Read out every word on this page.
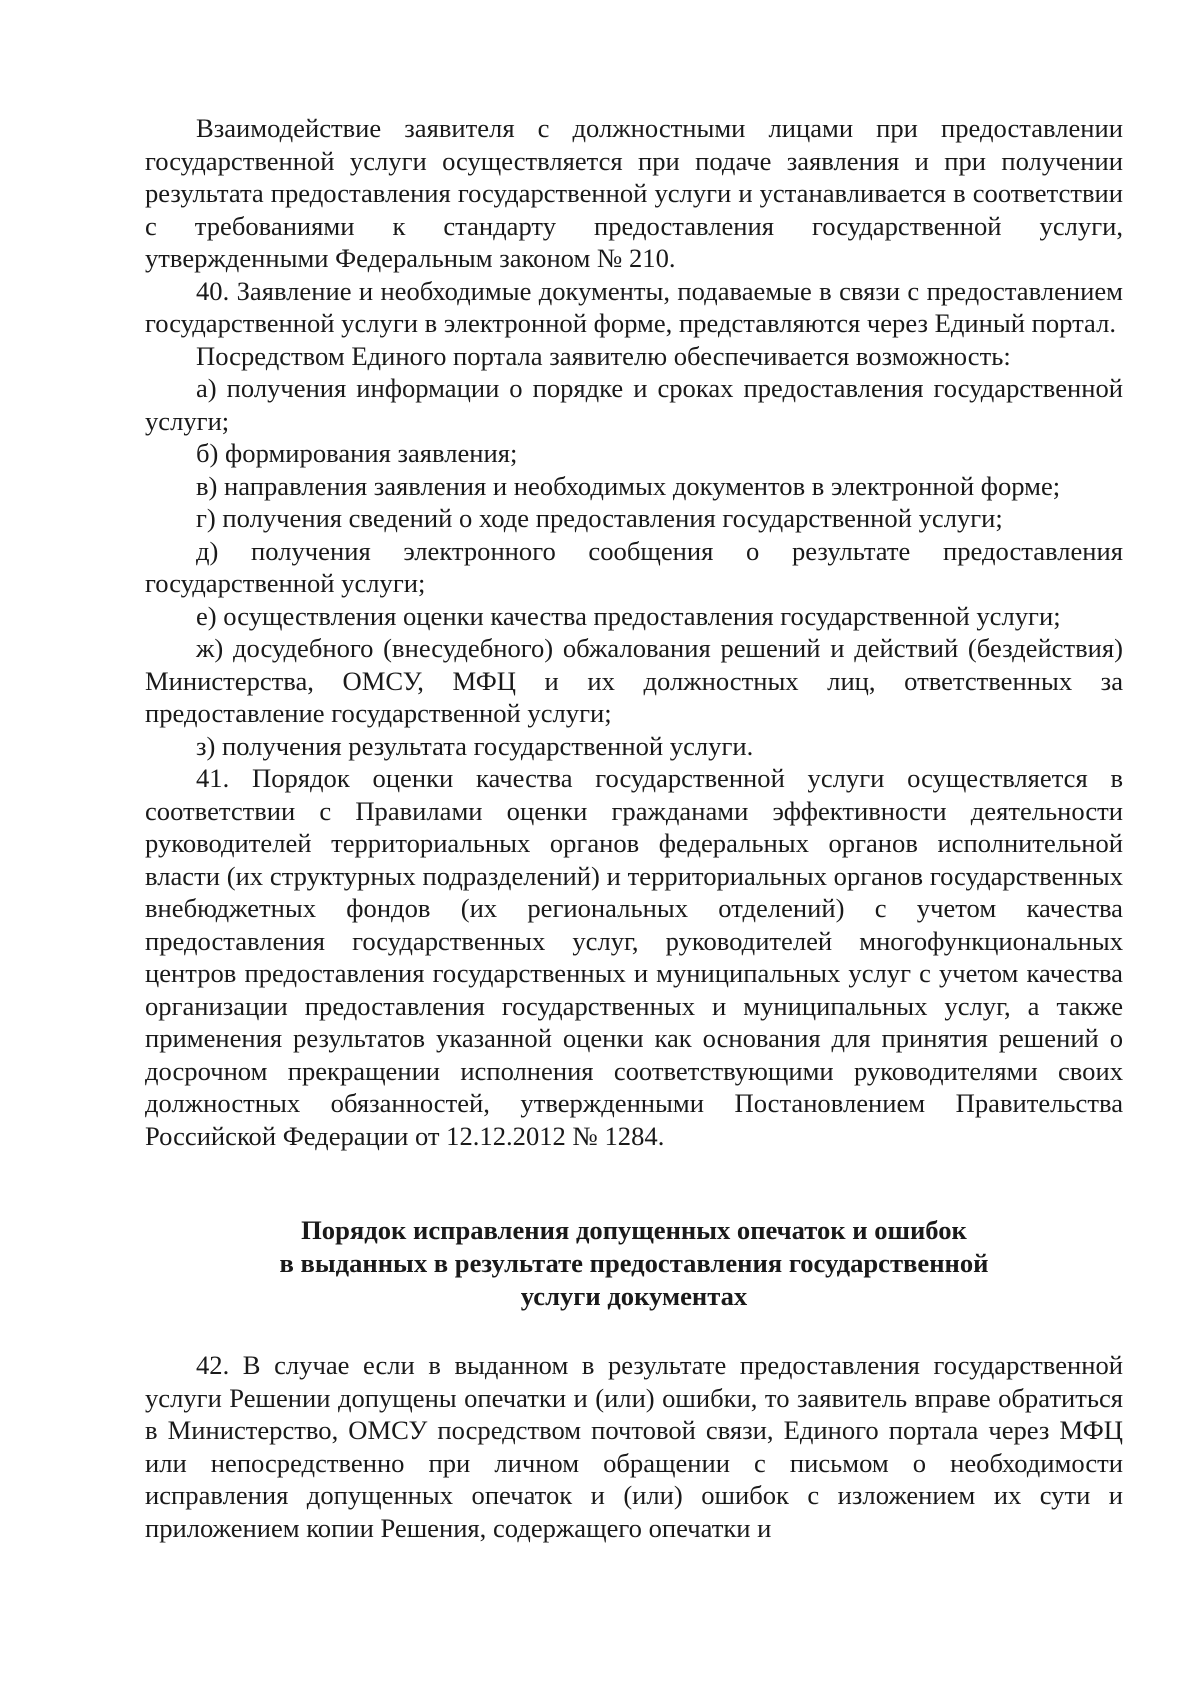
Взаимодействие заявителя с должностными лицами при предоставлении государственной услуги осуществляется при подаче заявления и при получении результата предоставления государственной услуги и устанавливается в соответствии с требованиями к стандарту предоставления государственной услуги, утвержденными Федеральным законом № 210.

40. Заявление и необходимые документы, подаваемые в связи с предоставлением государственной услуги в электронной форме, представляются через Единый портал.

Посредством Единого портала заявителю обеспечивается возможность:

а) получения информации о порядке и сроках предоставления государственной услуги;

б) формирования заявления;

в) направления заявления и необходимых документов в электронной форме;

г) получения сведений о ходе предоставления государственной услуги;

д) получения электронного сообщения о результате предоставления государственной услуги;

е) осуществления оценки качества предоставления государственной услуги;

ж) досудебного (внесудебного) обжалования решений и действий (бездействия) Министерства, ОМСУ, МФЦ и их должностных лиц, ответственных за предоставление государственной услуги;

з) получения результата государственной услуги.

41. Порядок оценки качества государственной услуги осуществляется в соответствии с Правилами оценки гражданами эффективности деятельности руководителей территориальных органов федеральных органов исполнительной власти (их структурных подразделений) и территориальных органов государственных внебюджетных фондов (их региональных отделений) с учетом качества предоставления государственных услуг, руководителей многофункциональных центров предоставления государственных и муниципальных услуг с учетом качества организации предоставления государственных и муниципальных услуг, а также применения результатов указанной оценки как основания для принятия решений о досрочном прекращении исполнения соответствующими руководителями своих должностных обязанностей, утвержденными Постановлением Правительства Российской Федерации от 12.12.2012 № 1284.

Порядок исправления допущенных опечаток и ошибок
в выданных в результате предоставления государственной
услуги документах

42. В случае если в выданном в результате предоставления государственной услуги Решении допущены опечатки и (или) ошибки, то заявитель вправе обратиться в Министерство, ОМСУ посредством почтовой связи, Единого портала через МФЦ или непосредственно при личном обращении с письмом о необходимости исправления допущенных опечаток и (или) ошибок с изложением их сути и приложением копии Решения, содержащего опечатки и
